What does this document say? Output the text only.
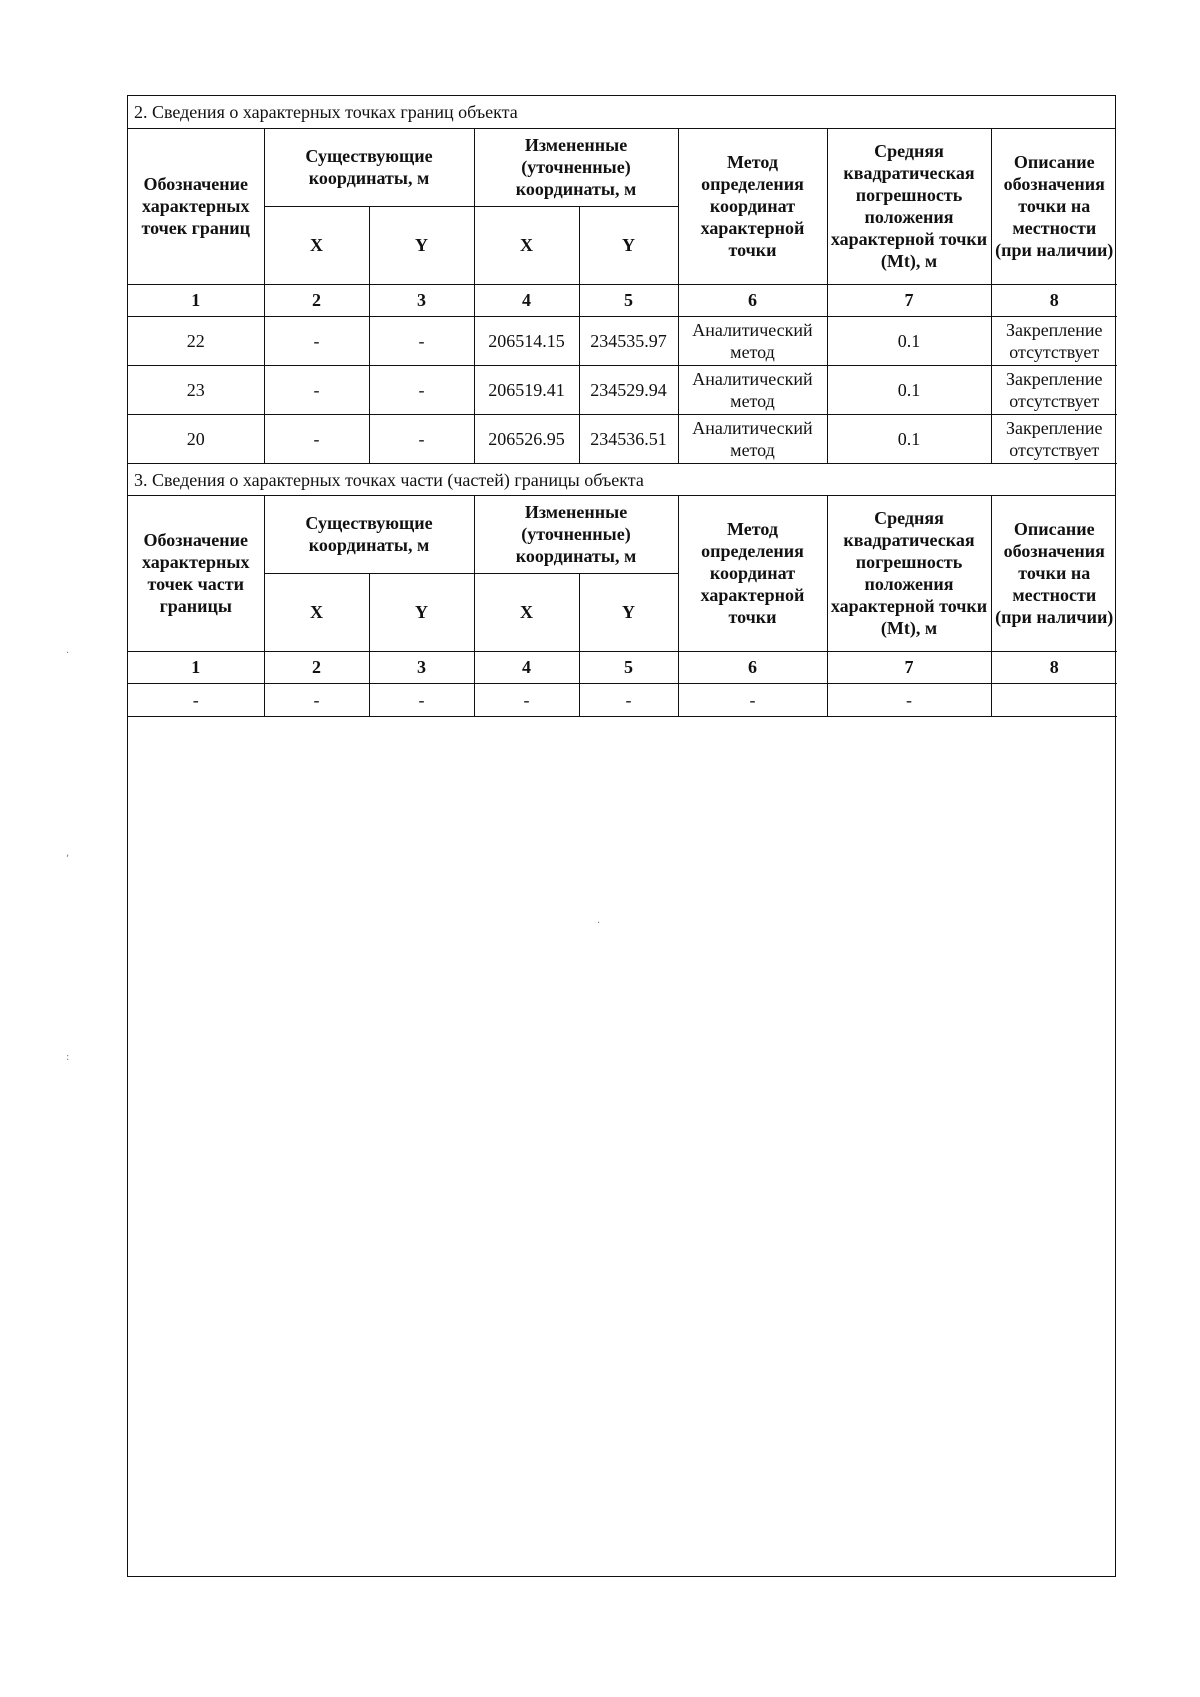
2. Сведения о характерных точках границ объекта
Обозначение характерных точек границ	Существующие координаты, м		Измененные (уточненные) координаты, м		Метод определения координат характерной точки	Средняя квадратическая погрешность положения характерной точки (Mt), м	Описание обозначения точки на местности (при наличии)
	X	Y	X	Y			
1	2	3	4	5	6	7	8
22	-	-	206514.15	234535.97	Аналитический метод	0.1	Закрепление отсутствует
23	-	-	206519.41	234529.94	Аналитический метод	0.1	Закрепление отсутствует
20	-	-	206526.95	234536.51	Аналитический метод	0.1	Закрепление отсутствует
3. Сведения о характерных точках части (частей) границы объекта
Обозначение характерных точек части границы	Существующие координаты, м		Измененные (уточненные) координаты, м		Метод определения координат характерной точки	Средняя квадратическая погрешность положения характерной точки (Mt), м	Описание обозначения точки на местности (при наличии)
	X	Y	X	Y			
1	2	3	4	5	6	7	8
-	-	-	-	-	-	-	
·
,
:
·
